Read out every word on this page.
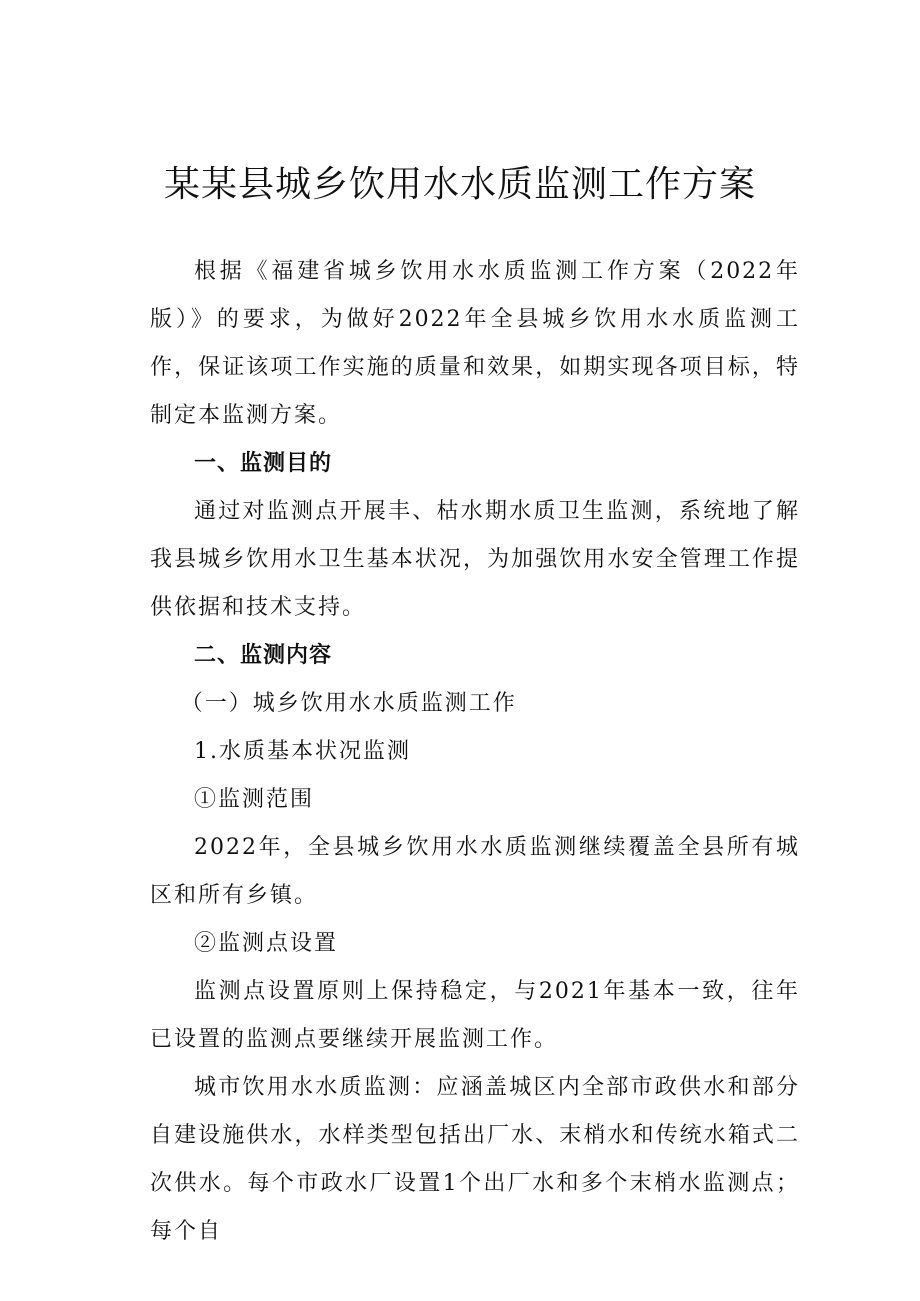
某某县城乡饮用水水质监测工作方案

根据《福建省城乡饮用水水质监测工作方案（2022年版）》的要求，为做好2022年全县城乡饮用水水质监测工作，保证该项工作实施的质量和效果，如期实现各项目标，特制定本监测方案。

一、监测目的

通过对监测点开展丰、枯水期水质卫生监测，系统地了解我县城乡饮用水卫生基本状况，为加强饮用水安全管理工作提供依据和技术支持。

二、监测内容

（一）城乡饮用水水质监测工作

1.水质基本状况监测

①监测范围

2022年，全县城乡饮用水水质监测继续覆盖全县所有城区和所有乡镇。

②监测点设置

监测点设置原则上保持稳定，与2021年基本一致，往年已设置的监测点要继续开展监测工作。

城市饮用水水质监测：应涵盖城区内全部市政供水和部分自建设施供水，水样类型包括出厂水、末梢水和传统水箱式二次供水。每个市政水厂设置1个出厂水和多个末梢水监测点；每个自
